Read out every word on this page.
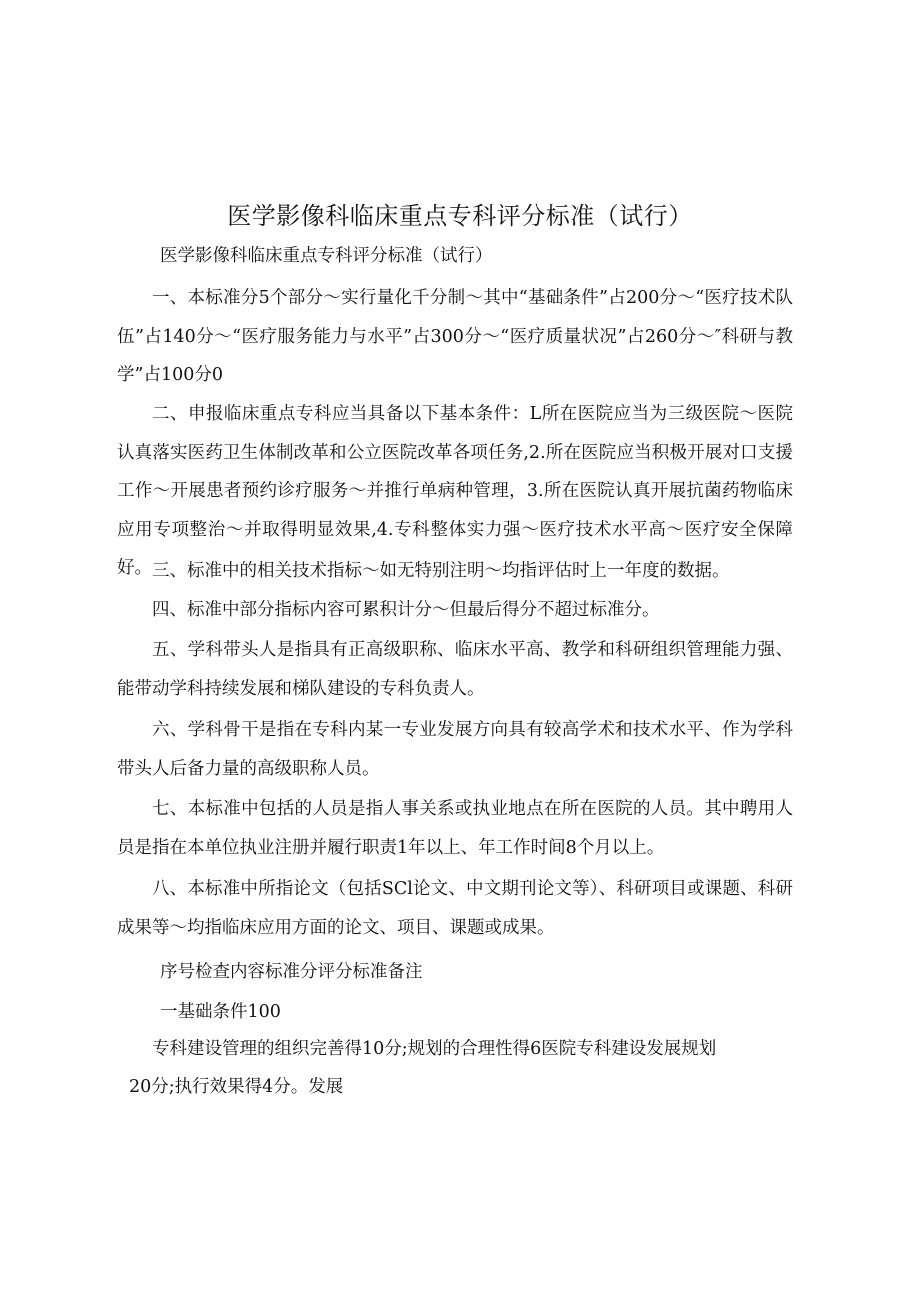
医学影像科临床重点专科评分标准（试行）

医学影像科临床重点专科评分标准（试行）

一、本标准分5个部分～实行量化千分制～其中“基础条件”占200分～“医疗技术队伍”占140分～“医疗服务能力与水平”占300分～“医疗质量状况”占260分～″科研与教学”占100分0

二、申报临床重点专科应当具备以下基本条件：L所在医院应当为三级医院～医院认真落实医药卫生体制改革和公立医院改革各项任务,2.所在医院应当积极开展对口支援工作～开展患者预约诊疗服务～并推行单病种管理，3.所在医院认真开展抗菌药物临床应用专项整治～并取得明显效果,4.专科整体实力强～医疗技术水平高～医疗安全保障好。 三、标准中的相关技术指标～如无特别注明～均指评估时上一年度的数据。

四、标准中部分指标内容可累积计分～但最后得分不超过标准分。

五、学科带头人是指具有正高级职称、临床水平高、教学和科研组织管理能力强、能带动学科持续发展和梯队建设的专科负责人。

六、学科骨干是指在专科内某一专业发展方向具有较高学术和技术水平、作为学科带头人后备力量的高级职称人员。

七、本标准中包括的人员是指人事关系或执业地点在所在医院的人员。其中聘用人员是指在本单位执业注册并履行职责1年以上、年工作时间8个月以上。

八、本标准中所指论文（包括SCl论文、中文期刊论文等）、科研项目或课题、科研成果等～均指临床应用方面的论文、项目、课题或成果。

序号检查内容标准分评分标准备注

一基础条件100

专科建设管理的组织完善得10分;规划的合理性得6医院专科建设发展规划

20分;执行效果得4分。发展
